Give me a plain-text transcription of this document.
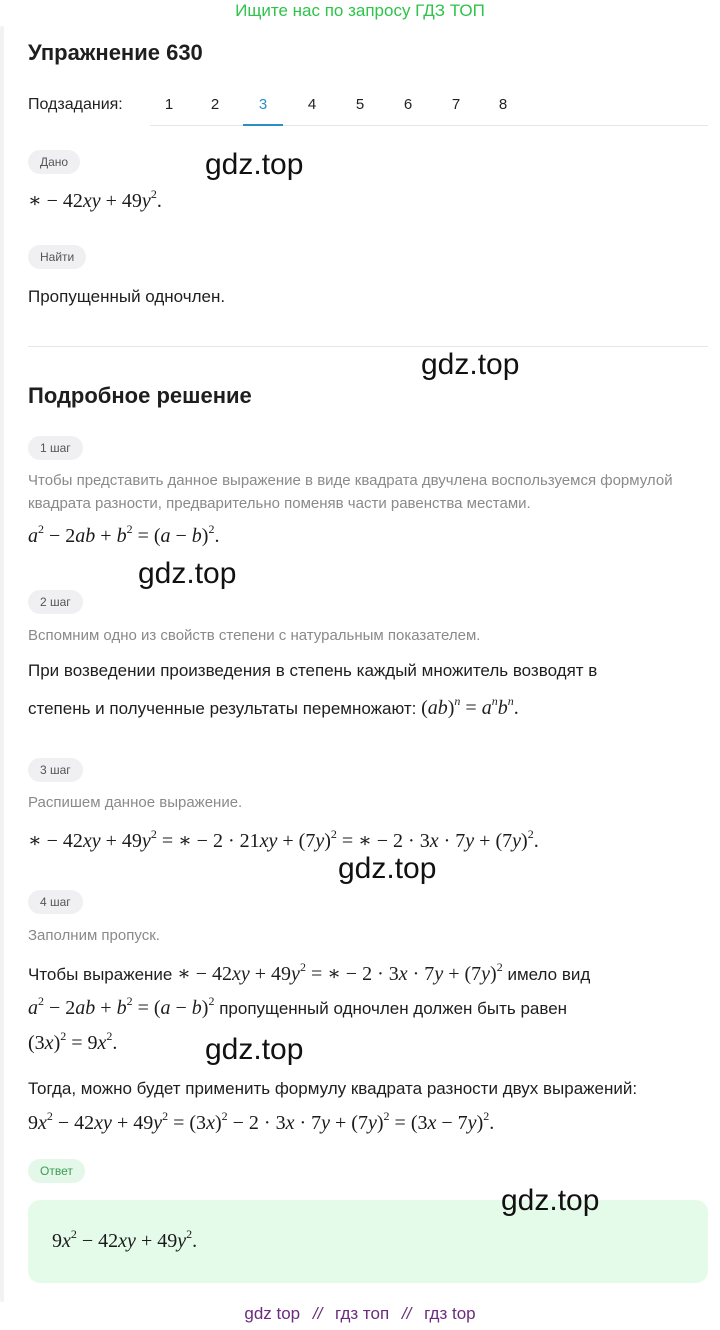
Ищите нас по запросу ГДЗ ТОП
Упражнение 630
Подзадания:	1	2	3	4	5	6	7	8
Дано
∗ − $42xy + 49y^2$.
Найти
Пропущенный одночлен.
Подробное решение
1 шаг
Чтобы представить данное выражение в виде квадрата двучлена воспользуемся формулой квадрата разности, предварительно поменяв части равенства местами.
$a^2 - 2ab + b^2 = (a - b)^2$.
2 шаг
Вспомним одно из свойств степени с натуральным показателем.
При возведении произведения в степень каждый множитель возводят в
степень и полученные результаты перемножают: $(ab)^n = a^nb^n$.
3 шаг
Распишем данное выражение.
∗ − $42xy + 49y^2$ = ∗ − $2 \cdot 21xy + (7y)^2$ = ∗ − $2 \cdot 3x \cdot 7y + (7y)^2$.
4 шаг
Заполним пропуск.
Чтобы выражение ∗ − $42xy + 49y^2$ = ∗ − $2 \cdot 3x \cdot 7y + (7y)^2$ имело вид
$a^2 - 2ab + b^2 = (a - b)^2$ пропущенный одночлен должен быть равен
$(3x)^2 = 9x^2$.
Тогда, можно будет применить формулу квадрата разности двух выражений:
$9x^2 - 42xy + 49y^2 = (3x)^2 - 2 \cdot 3x \cdot 7y + (7y)^2 = (3x - 7y)^2$.
Ответ
$9x^2 - 42xy + 49y^2$.
gdz.top
gdz.top
gdz.top
gdz.top
gdz.top
gdz.top
gdz top // гдз топ // гдз top
